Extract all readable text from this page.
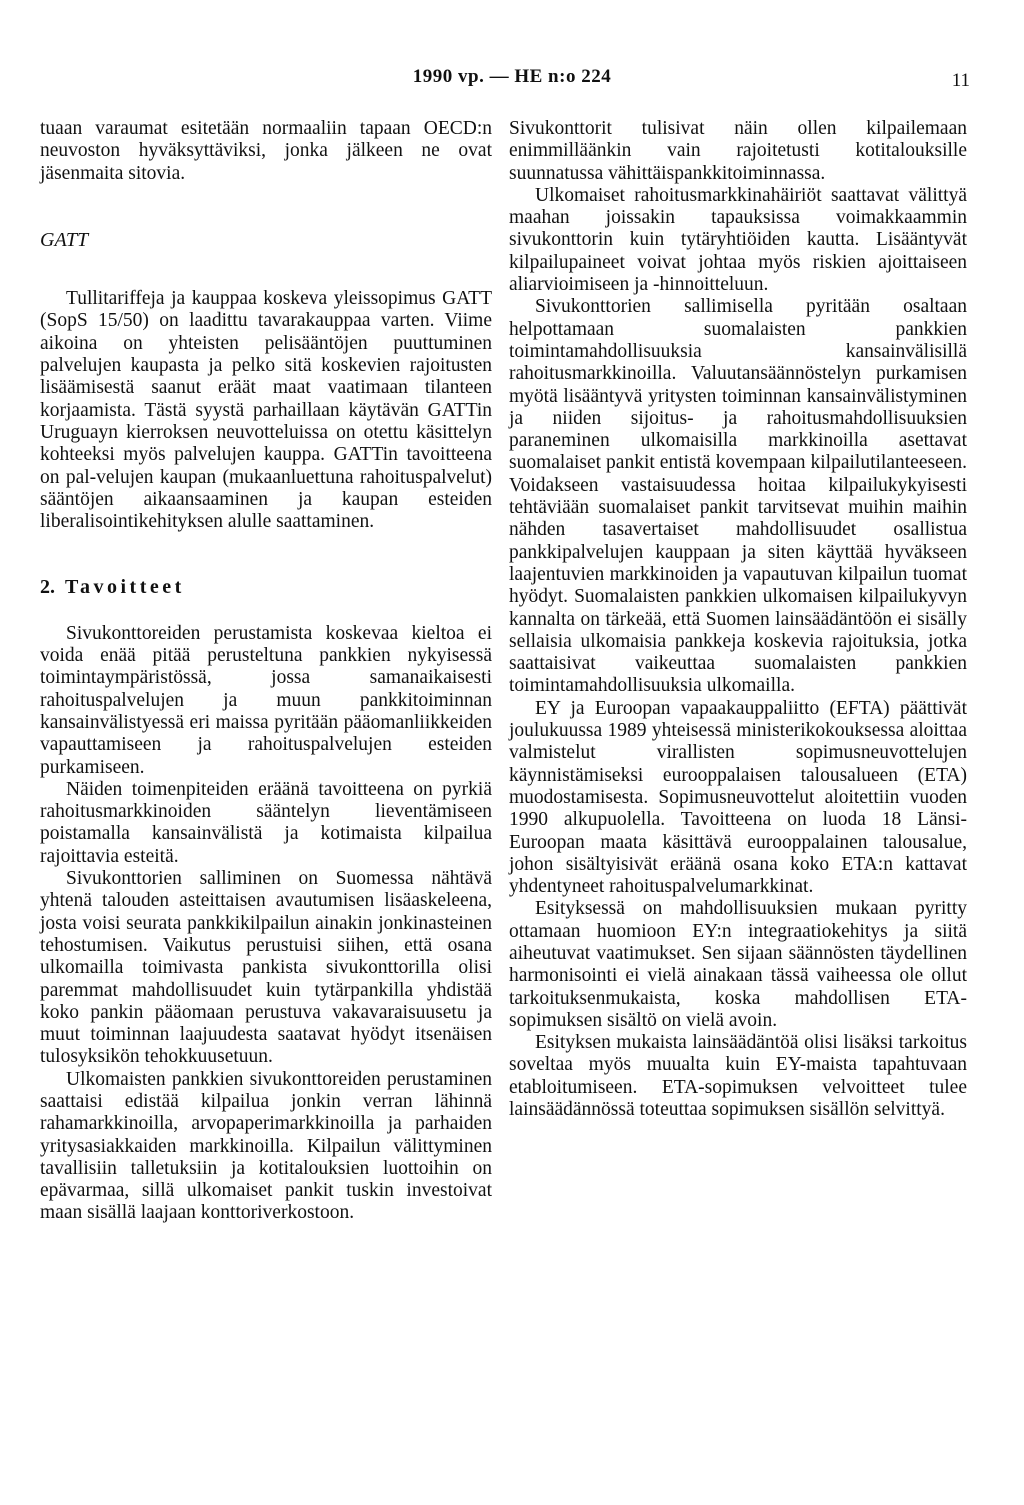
1990 vp. — HE n:o 224	11

tuaan varaumat esitetään normaaliin tapaan OECD:n neuvoston hyväksyttäviksi, jonka jälkeen ne ovat jäsenmaita sitovia.

GATT

Tullitariffeja ja kauppaa koskeva yleissopimus GATT (SopS 15/50) on laadittu tavarakauppaa varten. Viime aikoina on yhteisten pelisääntöjen puuttuminen palvelujen kaupasta ja pelko sitä koskevien rajoitusten lisäämisestä saanut eräät maat vaatimaan tilanteen korjaamista. Tästä syystä parhaillaan käytävän GATTin Uruguayn kierroksen neuvotteluissa on otettu käsittelyn kohteeksi myös palvelujen kauppa. GATTin tavoitteena on pal-velujen kaupan (mukaanluettuna rahoituspalvelut) sääntöjen aikaansaaminen ja kaupan esteiden liberalisointikehityksen alulle saattaminen.

2. Tavoitteet

Sivukonttoreiden perustamista koskevaa kieltoa ei voida enää pitää perusteltuna pankkien nykyisessä toimintaympäristössä, jossa samanaikaisesti rahoituspalvelujen ja muun pankkitoiminnan kansainvälistyessä eri maissa pyritään pääomanliikkeiden vapauttamiseen ja rahoituspalvelujen esteiden purkamiseen.

Näiden toimenpiteiden eräänä tavoitteena on pyrkiä rahoitusmarkkinoiden sääntelyn lieventämiseen poistamalla kansainvälistä ja kotimaista kilpailua rajoittavia esteitä.

Sivukonttorien salliminen on Suomessa nähtävä yhtenä talouden asteittaisen avautumisen lisäaskeleena, josta voisi seurata pankkikilpailun ainakin jonkinasteinen tehostumisen. Vaikutus perustuisi siihen, että osana ulkomailla toimivasta pankista sivukonttorilla olisi paremmat mahdollisuudet kuin tytärpankilla yhdistää koko pankin pääomaan perustuva vakavaraisuusetu ja muut toiminnan laajuudesta saatavat hyödyt itsenäisen tulosyksikön tehokkuusetuun.

Ulkomaisten pankkien sivukonttoreiden perustaminen saattaisi edistää kilpailua jonkin verran lähinnä rahamarkkinoilla, arvopaperimarkkinoilla ja parhaiden yritysasiakkaiden markkinoilla. Kilpailun välittyminen tavallisiin talletuksiin ja kotitalouksien luottoihin on epävarmaa, sillä ulkomaiset pankit tuskin investoivat maan sisällä laajaan konttoriverkostoon.

Sivukonttorit tulisivat näin ollen kilpailemaan enimmilläänkin vain rajoitetusti kotitalouksille suunnatussa vähittäispankkitoiminnassa.

Ulkomaiset rahoitusmarkkinahäiriöt saattavat välittyä maahan joissakin tapauksissa voimakkaammin sivukonttorin kuin tytäryhtiöiden kautta. Lisääntyvät kilpailupaineet voivat johtaa myös riskien ajoittaiseen aliarvioimiseen ja -hinnoitteluun.

Sivukonttorien sallimisella pyritään osaltaan helpottamaan suomalaisten pankkien toimintamahdollisuuksia kansainvälisillä rahoitusmarkkinoilla. Valuutansäännöstelyn purkamisen myötä lisääntyvä yritysten toiminnan kansainvälistyminen ja niiden sijoitus- ja rahoitusmahdollisuuksien paraneminen ulkomaisilla markkinoilla asettavat suomalaiset pankit entistä kovempaan kilpailutilanteeseen. Voidakseen vastaisuudessa hoitaa kilpailukykyisesti tehtäviään suomalaiset pankit tarvitsevat muihin maihin nähden tasavertaiset mahdollisuudet osallistua pankkipalvelujen kauppaan ja siten käyttää hyväkseen laajentuvien markkinoiden ja vapautuvan kilpailun tuomat hyödyt. Suomalaisten pankkien ulkomaisen kilpailukyvyn kannalta on tärkeää, että Suomen lainsäädäntöön ei sisälly sellaisia ulkomaisia pankkeja koskevia rajoituksia, jotka saattaisivat vaikeuttaa suomalaisten pankkien toimintamahdollisuuksia ulkomailla.

EY ja Euroopan vapaakauppaliitto (EFTA) päättivät joulukuussa 1989 yhteisessä ministerikokouksessa aloittaa valmistelut virallisten sopimusneuvottelujen käynnistämiseksi eurooppalaisen talousalueen (ETA) muodostamisesta. Sopimusneuvottelut aloitettiin vuoden 1990 alkupuolella. Tavoitteena on luoda 18 Länsi-Euroopan maata käsittävä eurooppalainen talousalue, johon sisältyisivät eräänä osana koko ETA:n kattavat yhdentyneet rahoituspalvelumarkkinat.

Esityksessä on mahdollisuuksien mukaan pyritty ottamaan huomioon EY:n integraatiokehitys ja siitä aiheutuvat vaatimukset. Sen sijaan säännösten täydellinen harmonisointi ei vielä ainakaan tässä vaiheessa ole ollut tarkoituksenmukaista, koska mahdollisen ETA-sopimuksen sisältö on vielä avoin.

Esityksen mukaista lainsäädäntöä olisi lisäksi tarkoitus soveltaa myös muualta kuin EY-maista tapahtuvaan etabloitumiseen. ETA-sopimuksen velvoitteet tulee lainsäädännössä toteuttaa sopimuksen sisällön selvittyä.
